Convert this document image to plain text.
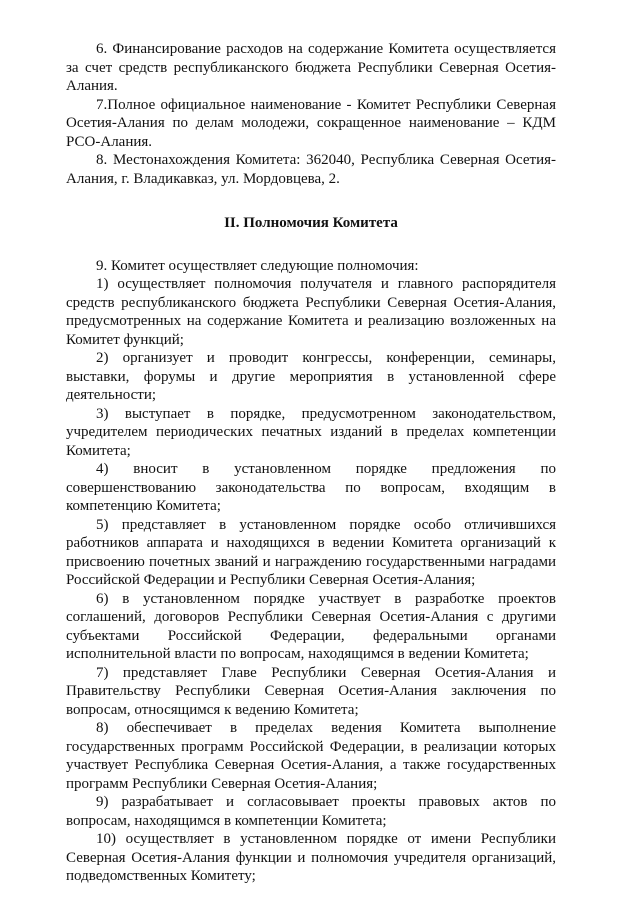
6. Финансирование расходов на содержание Комитета осуществляется за счет средств республиканского бюджета Республики Северная Осетия-Алания.

7.Полное официальное наименование - Комитет Республики Северная Осетия-Алания по делам молодежи, сокращенное наименование – КДМ РСО-Алания.

8. Местонахождения Комитета: 362040, Республика Северная Осетия-Алания, г. Владикавказ, ул. Мордовцева, 2.

II. Полномочия Комитета

9. Комитет осуществляет следующие полномочия:

1) осуществляет полномочия получателя и главного распорядителя средств республиканского бюджета Республики Северная Осетия-Алания, предусмотренных на содержание Комитета и реализацию возложенных на Комитет функций;

2) организует и проводит конгрессы, конференции, семинары, выставки, форумы и другие мероприятия в установленной сфере деятельности;

3) выступает в порядке, предусмотренном законодательством, учредителем периодических печатных изданий в пределах компетенции Комитета;

4) вносит в установленном порядке предложения по совершенствованию законодательства по вопросам, входящим в компетенцию Комитета;

5) представляет в установленном порядке особо отличившихся работников аппарата и находящихся в ведении Комитета организаций к присвоению почетных званий и награждению государственными наградами Российской Федерации и Республики Северная Осетия-Алания;

6) в установленном порядке участвует в разработке проектов соглашений, договоров Республики Северная Осетия-Алания с другими субъектами Российской Федерации, федеральными органами исполнительной власти по вопросам, находящимся в ведении Комитета;

7) представляет Главе Республики Северная Осетия-Алания и Правительству Республики Северная Осетия-Алания заключения по вопросам, относящимся к ведению Комитета;

8) обеспечивает в пределах ведения Комитета выполнение государственных программ Российской Федерации, в реализации которых участвует Республика Северная Осетия-Алания, а также государственных программ Республики Северная Осетия-Алания;

9) разрабатывает и согласовывает проекты правовых актов по вопросам, находящимся в компетенции Комитета;

10) осуществляет в установленном порядке от имени Республики Северная Осетия-Алания функции и полномочия учредителя организаций, подведомственных Комитету;
